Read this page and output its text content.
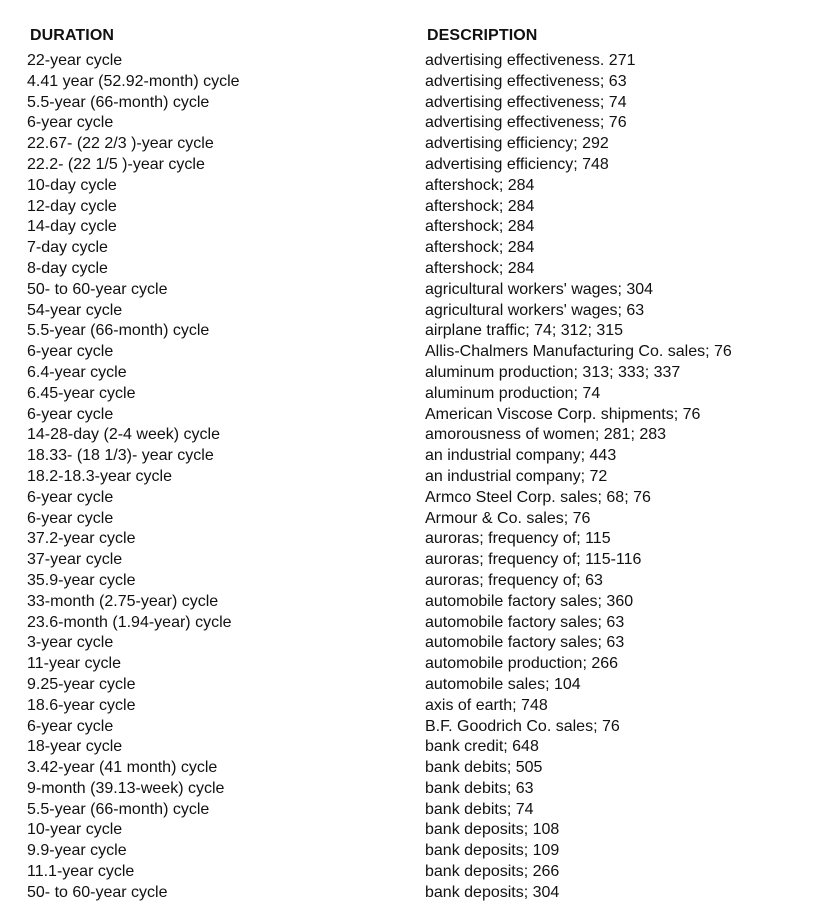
DURATION	DESCRIPTION
22-year cycle	advertising effectiveness. 271
4.41 year (52.92-month) cycle	advertising effectiveness; 63
5.5-year (66-month) cycle	advertising effectiveness; 74
6-year cycle	advertising effectiveness; 76
22.67- (22 2/3 )-year cycle	advertising efficiency; 292
22.2- (22 1/5 )-year cycle	advertising efficiency; 748
10-day cycle	aftershock; 284
12-day cycle	aftershock; 284
14-day cycle	aftershock; 284
7-day cycle	aftershock; 284
8-day cycle	aftershock; 284
50- to 60-year cycle	agricultural workers' wages; 304
54-year cycle	agricultural workers' wages; 63
5.5-year (66-month) cycle	airplane traffic; 74; 312; 315
6-year cycle	Allis-Chalmers Manufacturing Co. sales; 76
6.4-year cycle	aluminum production; 313; 333; 337
6.45-year cycle	aluminum production; 74
6-year cycle	American Viscose Corp. shipments; 76
14-28-day (2-4 week) cycle	amorousness of women; 281; 283
18.33- (18 1/3)- year cycle	an industrial company; 443
18.2-18.3-year cycle	an industrial company; 72
6-year cycle	Armco Steel Corp. sales; 68; 76
6-year cycle	Armour & Co. sales; 76
37.2-year cycle	auroras; frequency of; 115
37-year cycle	auroras; frequency of; 115-116
35.9-year cycle	auroras; frequency of; 63
33-month (2.75-year) cycle	automobile factory sales; 360
23.6-month (1.94-year) cycle	automobile factory sales; 63
3-year cycle	automobile factory sales; 63
11-year cycle	automobile production; 266
9.25-year cycle	automobile sales; 104
18.6-year cycle	axis of earth; 748
6-year cycle	B.F. Goodrich Co. sales; 76
18-year cycle	bank credit; 648
3.42-year (41 month) cycle	bank debits; 505
9-month (39.13-week) cycle	bank debits; 63
5.5-year (66-month) cycle	bank debits; 74
10-year cycle	bank deposits; 108
9.9-year cycle	bank deposits; 109
11.1-year cycle	bank deposits; 266
50- to 60-year cycle	bank deposits; 304
